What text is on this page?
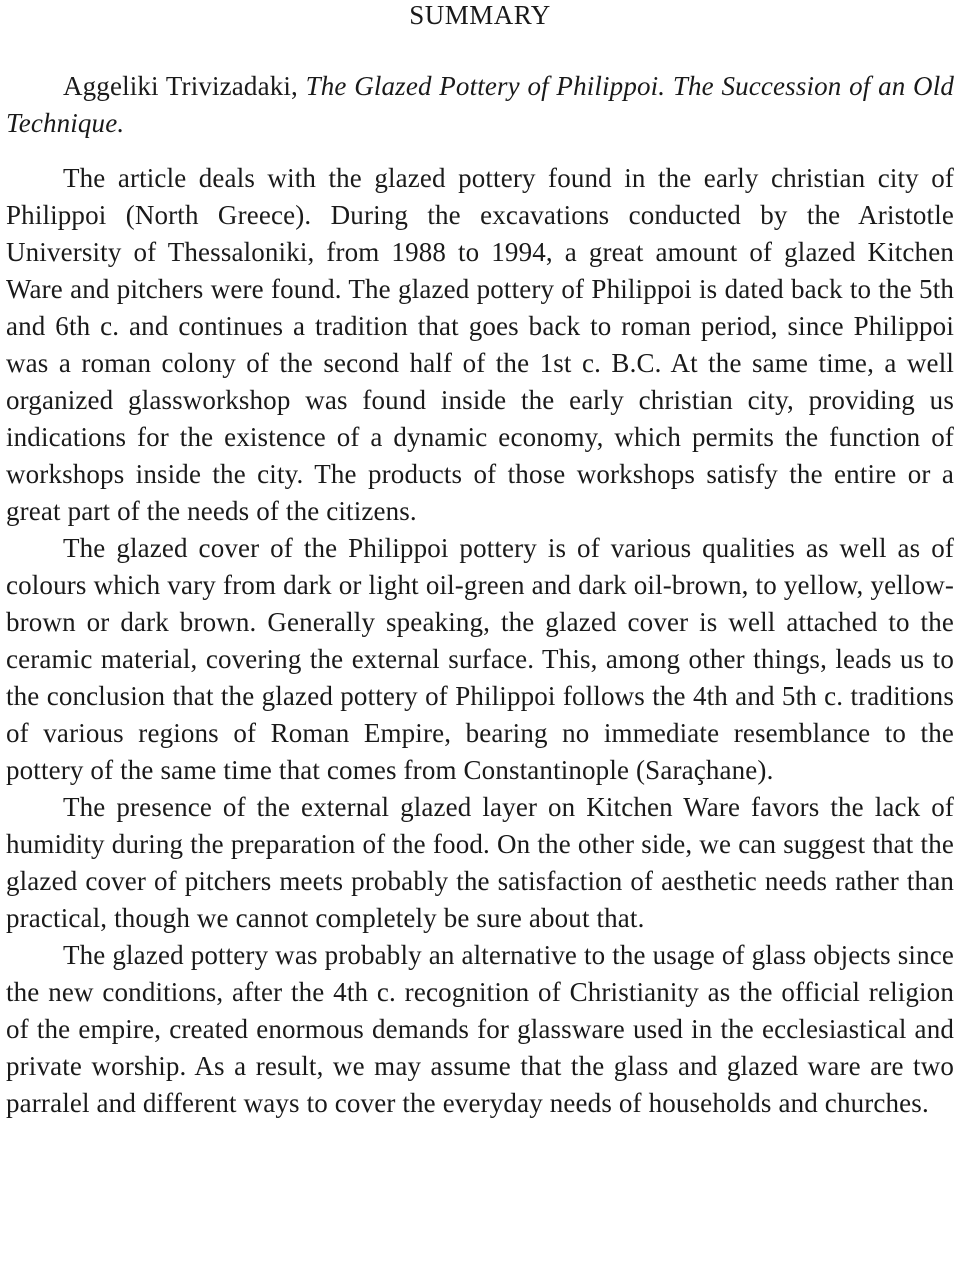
SUMMARY

Aggeliki Trivizadaki, The Glazed Pottery of Philippoi. The Succession of an Old Technique.

The article deals with the glazed pottery found in the early christian city of Philippoi (North Greece). During the excavations conducted by the Aristotle University of Thessaloniki, from 1988 to 1994, a great amount of glazed Kitchen Ware and pitchers were found. The glazed pottery of Philippoi is dated back to the 5th and 6th c. and continues a tradition that goes back to roman period, since Philippoi was a roman colony of the second half of the 1st c. B.C. At the same time, a well organized glassworkshop was found inside the early christian city, providing us indications for the existence of a dynamic economy, which permits the function of workshops inside the city. The products of those workshops satisfy the entire or a great part of the needs of the citizens.

The glazed cover of the Philippoi pottery is of various qualities as well as of colours which vary from dark or light oil-green and dark oil-brown, to yellow, yellow-brown or dark brown. Generally speaking, the glazed cover is well attached to the ceramic material, covering the external surface. This, among other things, leads us to the conclusion that the glazed pottery of Philippoi follows the 4th and 5th c. traditions of various regions of Roman Empire, bearing no immediate resemblance to the pottery of the same time that comes from Constantinople (Saraçhane).

The presence of the external glazed layer on Kitchen Ware favors the lack of humidity during the preparation of the food. On the other side, we can suggest that the glazed cover of pitchers meets probably the satisfaction of aesthetic needs rather than practical, though we cannot completely be sure about that.

The glazed pottery was probably an alternative to the usage of glass objects since the new conditions, after the 4th c. recognition of Christianity as the official religion of the empire, created enormous demands for glassware used in the ecclesiastical and private worship. As a result, we may assume that the glass and glazed ware are two parralel and different ways to cover the everyday needs of households and churches.
